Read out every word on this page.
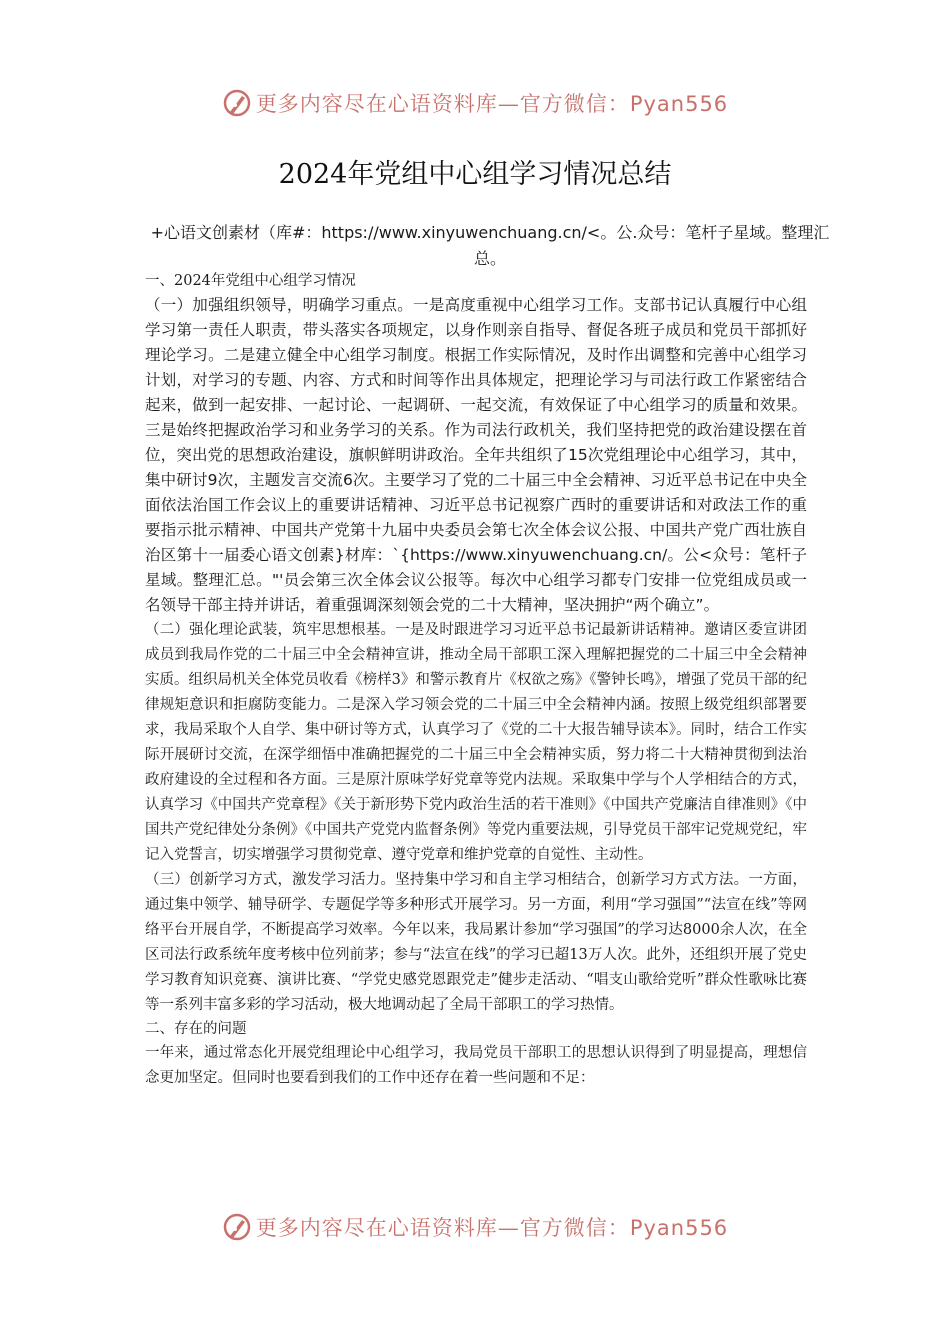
更多内容尽在心语资料库—官方微信：Pyan556
2024年党组中心组学习情况总结
+心语文创素材（库#：https://www.xinyuwenchuang.cn/<。公.众号：笔杆子星域。整理汇总。

一、2024年党组中心组学习情况

（一）加强组织领导，明确学习重点。一是高度重视中心组学习工作。支部书记认真履行中心组学习第一责任人职责，带头落实各项规定，以身作则亲自指导、督促各班子成员和党员干部抓好理论学习。二是建立健全中心组学习制度。根据工作实际情况，及时作出调整和完善中心组学习计划，对学习的专题、内容、方式和时间等作出具体规定，把理论学习与司法行政工作紧密结合起来，做到一起安排、一起讨论、一起调研、一起交流，有效保证了中心组学习的质量和效果。三是始终把握政治学习和业务学习的关系。作为司法行政机关，我们坚持把党的政治建设摆在首位，突出党的思想政治建设，旗帜鲜明讲政治。全年共组织了15次党组理论中心组学习，其中，集中研讨9次，主题发言交流6次。主要学习了党的二十届三中全会精神、习近平总书记在中央全面依法治国工作会议上的重要讲话精神、习近平总书记视察广西时的重要讲话和对政法工作的重要指示批示精神、中国共产党第十九届中央委员会第七次全体会议公报、中国共产党广西壮族自治区第十一届委心语文创素}材库：`{https://www.xinyuwenchuang.cn/。公<众号：笔杆子星域。整理汇总。"'员会第三次全体会议公报等。每次中心组学习都专门安排一位党组成员或一名领导干部主持并讲话，着重强调深刻领会党的二十大精神，坚决拥护“两个确立”。

（二）强化理论武装，筑牢思想根基。一是及时跟进学习习近平总书记最新讲话精神。邀请区委宣讲团成员到我局作党的二十届三中全会精神宣讲，推动全局干部职工深入理解把握党的二十届三中全会精神实质。组织局机关全体党员收看《榜样3》和警示教育片《权欲之殇》《警钟长鸣》，增强了党员干部的纪律规矩意识和拒腐防变能力。二是深入学习领会党的二十届三中全会精神内涵。按照上级党组织部署要求，我局采取个人自学、集中研讨等方式，认真学习了《党的二十大报告辅导读本》。同时，结合工作实际开展研讨交流，在深学细悟中准确把握党的二十届三中全会精神实质，努力将二十大精神贯彻到法治政府建设的全过程和各方面。三是原汁原味学好党章等党内法规。采取集中学与个人学相结合的方式，认真学习《中国共产党章程》《关于新形势下党内政治生活的若干准则》《中国共产党廉洁自律准则》《中国共产党纪律处分条例》《中国共产党党内监督条例》等党内重要法规，引导党员干部牢记党规党纪，牢记入党誓言，切实增强学习贯彻党章、遵守党章和维护党章的自觉性、主动性。

（三）创新学习方式，激发学习活力。坚持集中学习和自主学习相结合，创新学习方式方法。一方面，通过集中领学、辅导研学、专题促学等多种形式开展学习。另一方面，利用“学习强国”“法宣在线”等网络平台开展自学，不断提高学习效率。今年以来，我局累计参加“学习强国”的学习达8000余人次，在全区司法行政系统年度考核中位列前茅；参与“法宣在线”的学习已超13万人次。此外，还组织开展了党史学习教育知识竞赛、演讲比赛、“学党史感党恩跟党走”健步走活动、“唱支山歌给党听”群众性歌咏比赛等一系列丰富多彩的学习活动，极大地调动起了全局干部职工的学习热情。

二、存在的问题

一年来，通过常态化开展党组理论中心组学习，我局党员干部职工的思想认识得到了明显提高，理想信念更加坚定。但同时也要看到我们的工作中还存在着一些问题和不足：

更多内容尽在心语资料库—官方微信：Pyan556
